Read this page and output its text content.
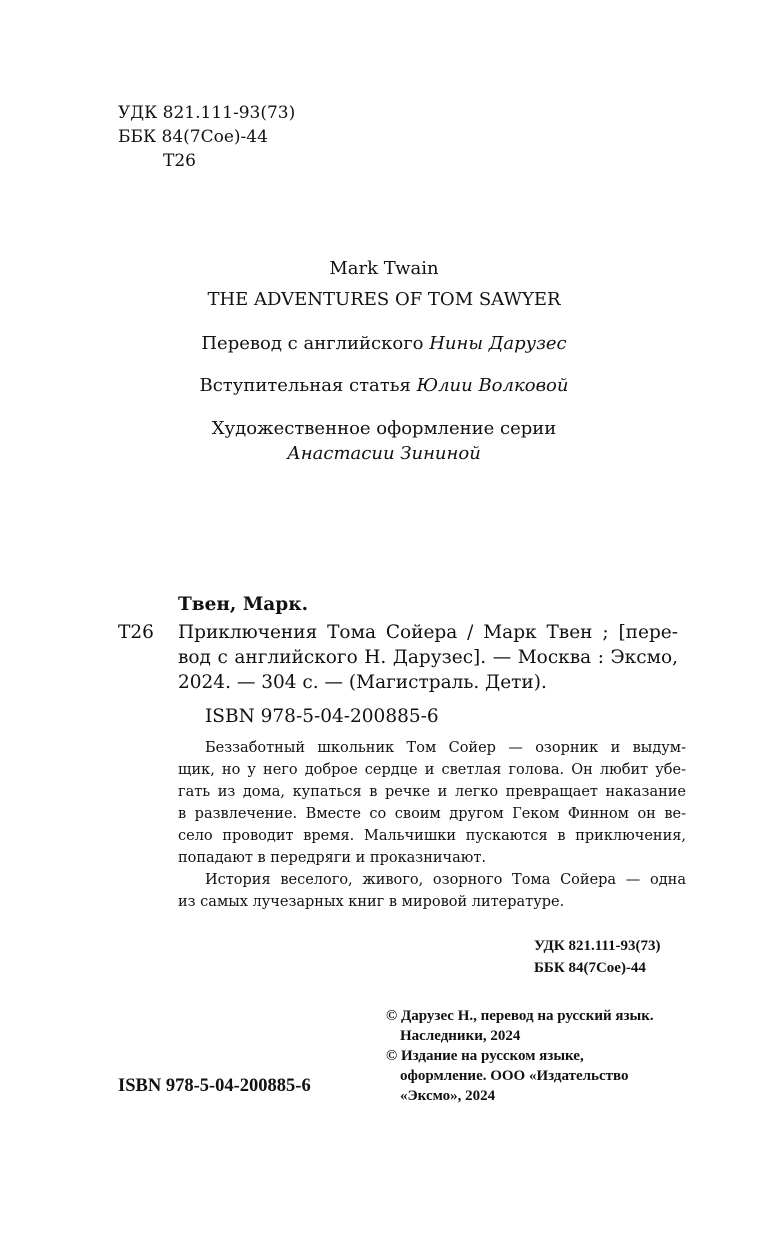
УДК 821.111-93(73)
ББК 84(7Сое)-44
Т26
Mark Twain
THE ADVENTURES OF TOM SAWYER
Перевод с английского Нины Дарузес
Вступительная статья Юлии Волковой
Художественное оформление серии
Анастасии Зининой
Твен, Марк.
Т26 Приключения Тома Сойера / Марк Твен ; [пере-
вод с английского Н. Дарузес]. — Москва : Эксмо,
2024. — 304 с. — (Магистраль. Дети).
ISBN 978-5-04-200885-6
Беззаботный школьник Том Сойер — озорник и выдум-
щик, но у него доброе сердце и светлая голова. Он любит убе-
гать из дома, купаться в речке и легко превращает наказание
в развлечение. Вместе со своим другом Геком Финном он ве-
село проводит время. Мальчишки пускаются в приключения,
попадают в передряги и проказничают.
История веселого, живого, озорного Тома Сойера — одна
из самых лучезарных книг в мировой литературе.
УДК 821.111-93(73)
ББК 84(7Сое)-44
© Дарузес Н., перевод на русский язык.
Наследники, 2024
© Издание на русском языке,
оформление. ООО «Издательство
«Эксмо», 2024
ISBN 978-5-04-200885-6
